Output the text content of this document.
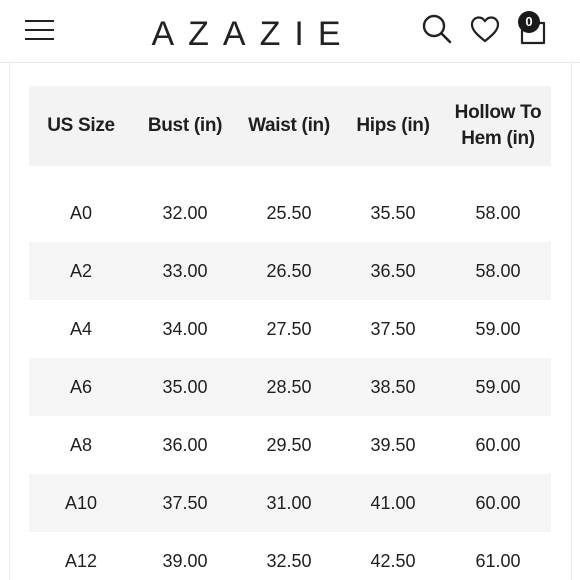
AZAZIE	0
US Size	Bust (in)	Waist (in)	Hips (in)	Hollow To Hem (in)
A0	32.00	25.50	35.50	58.00
A2	33.00	26.50	36.50	58.00
A4	34.00	27.50	37.50	59.00
A6	35.00	28.50	38.50	59.00
A8	36.00	29.50	39.50	60.00
A10	37.50	31.00	41.00	60.00
A12	39.00	32.50	42.50	61.00
